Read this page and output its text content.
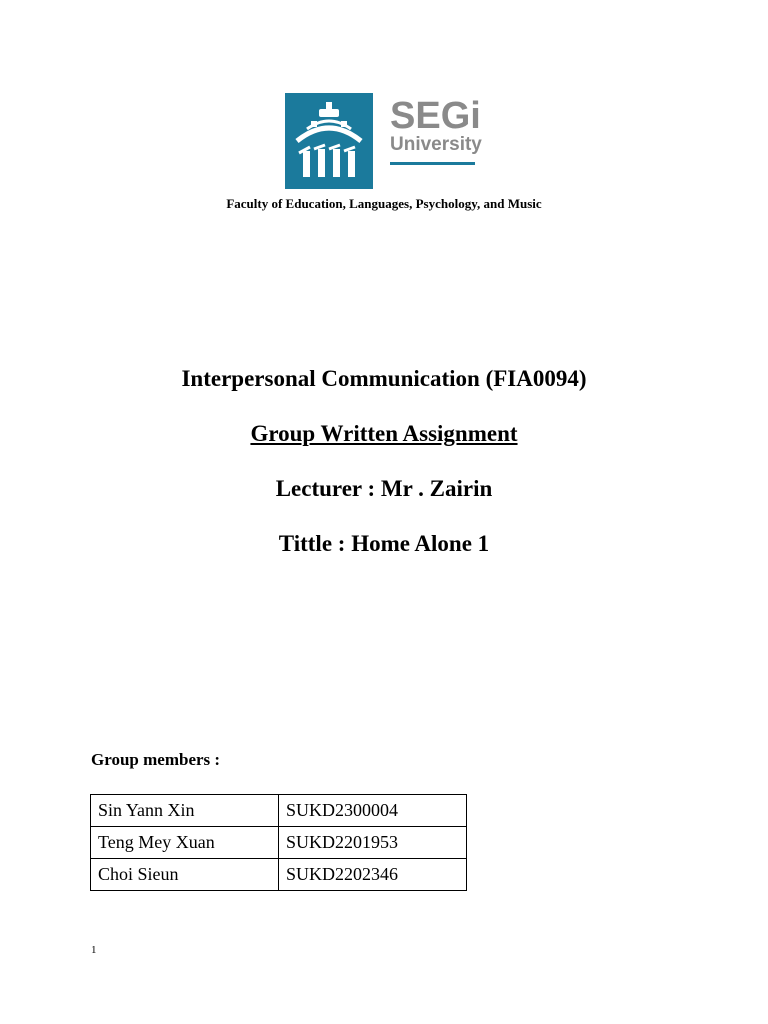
SEGi
University
Faculty of Education, Languages, Psychology, and Music
Interpersonal Communication (FIA0094)
Group Written Assignment
Lecturer : Mr . Zairin
Tittle : Home Alone 1
Group members :
Sin Yann Xin	SUKD2300004
Teng Mey Xuan	SUKD2201953
Choi Sieun	SUKD2202346
1
